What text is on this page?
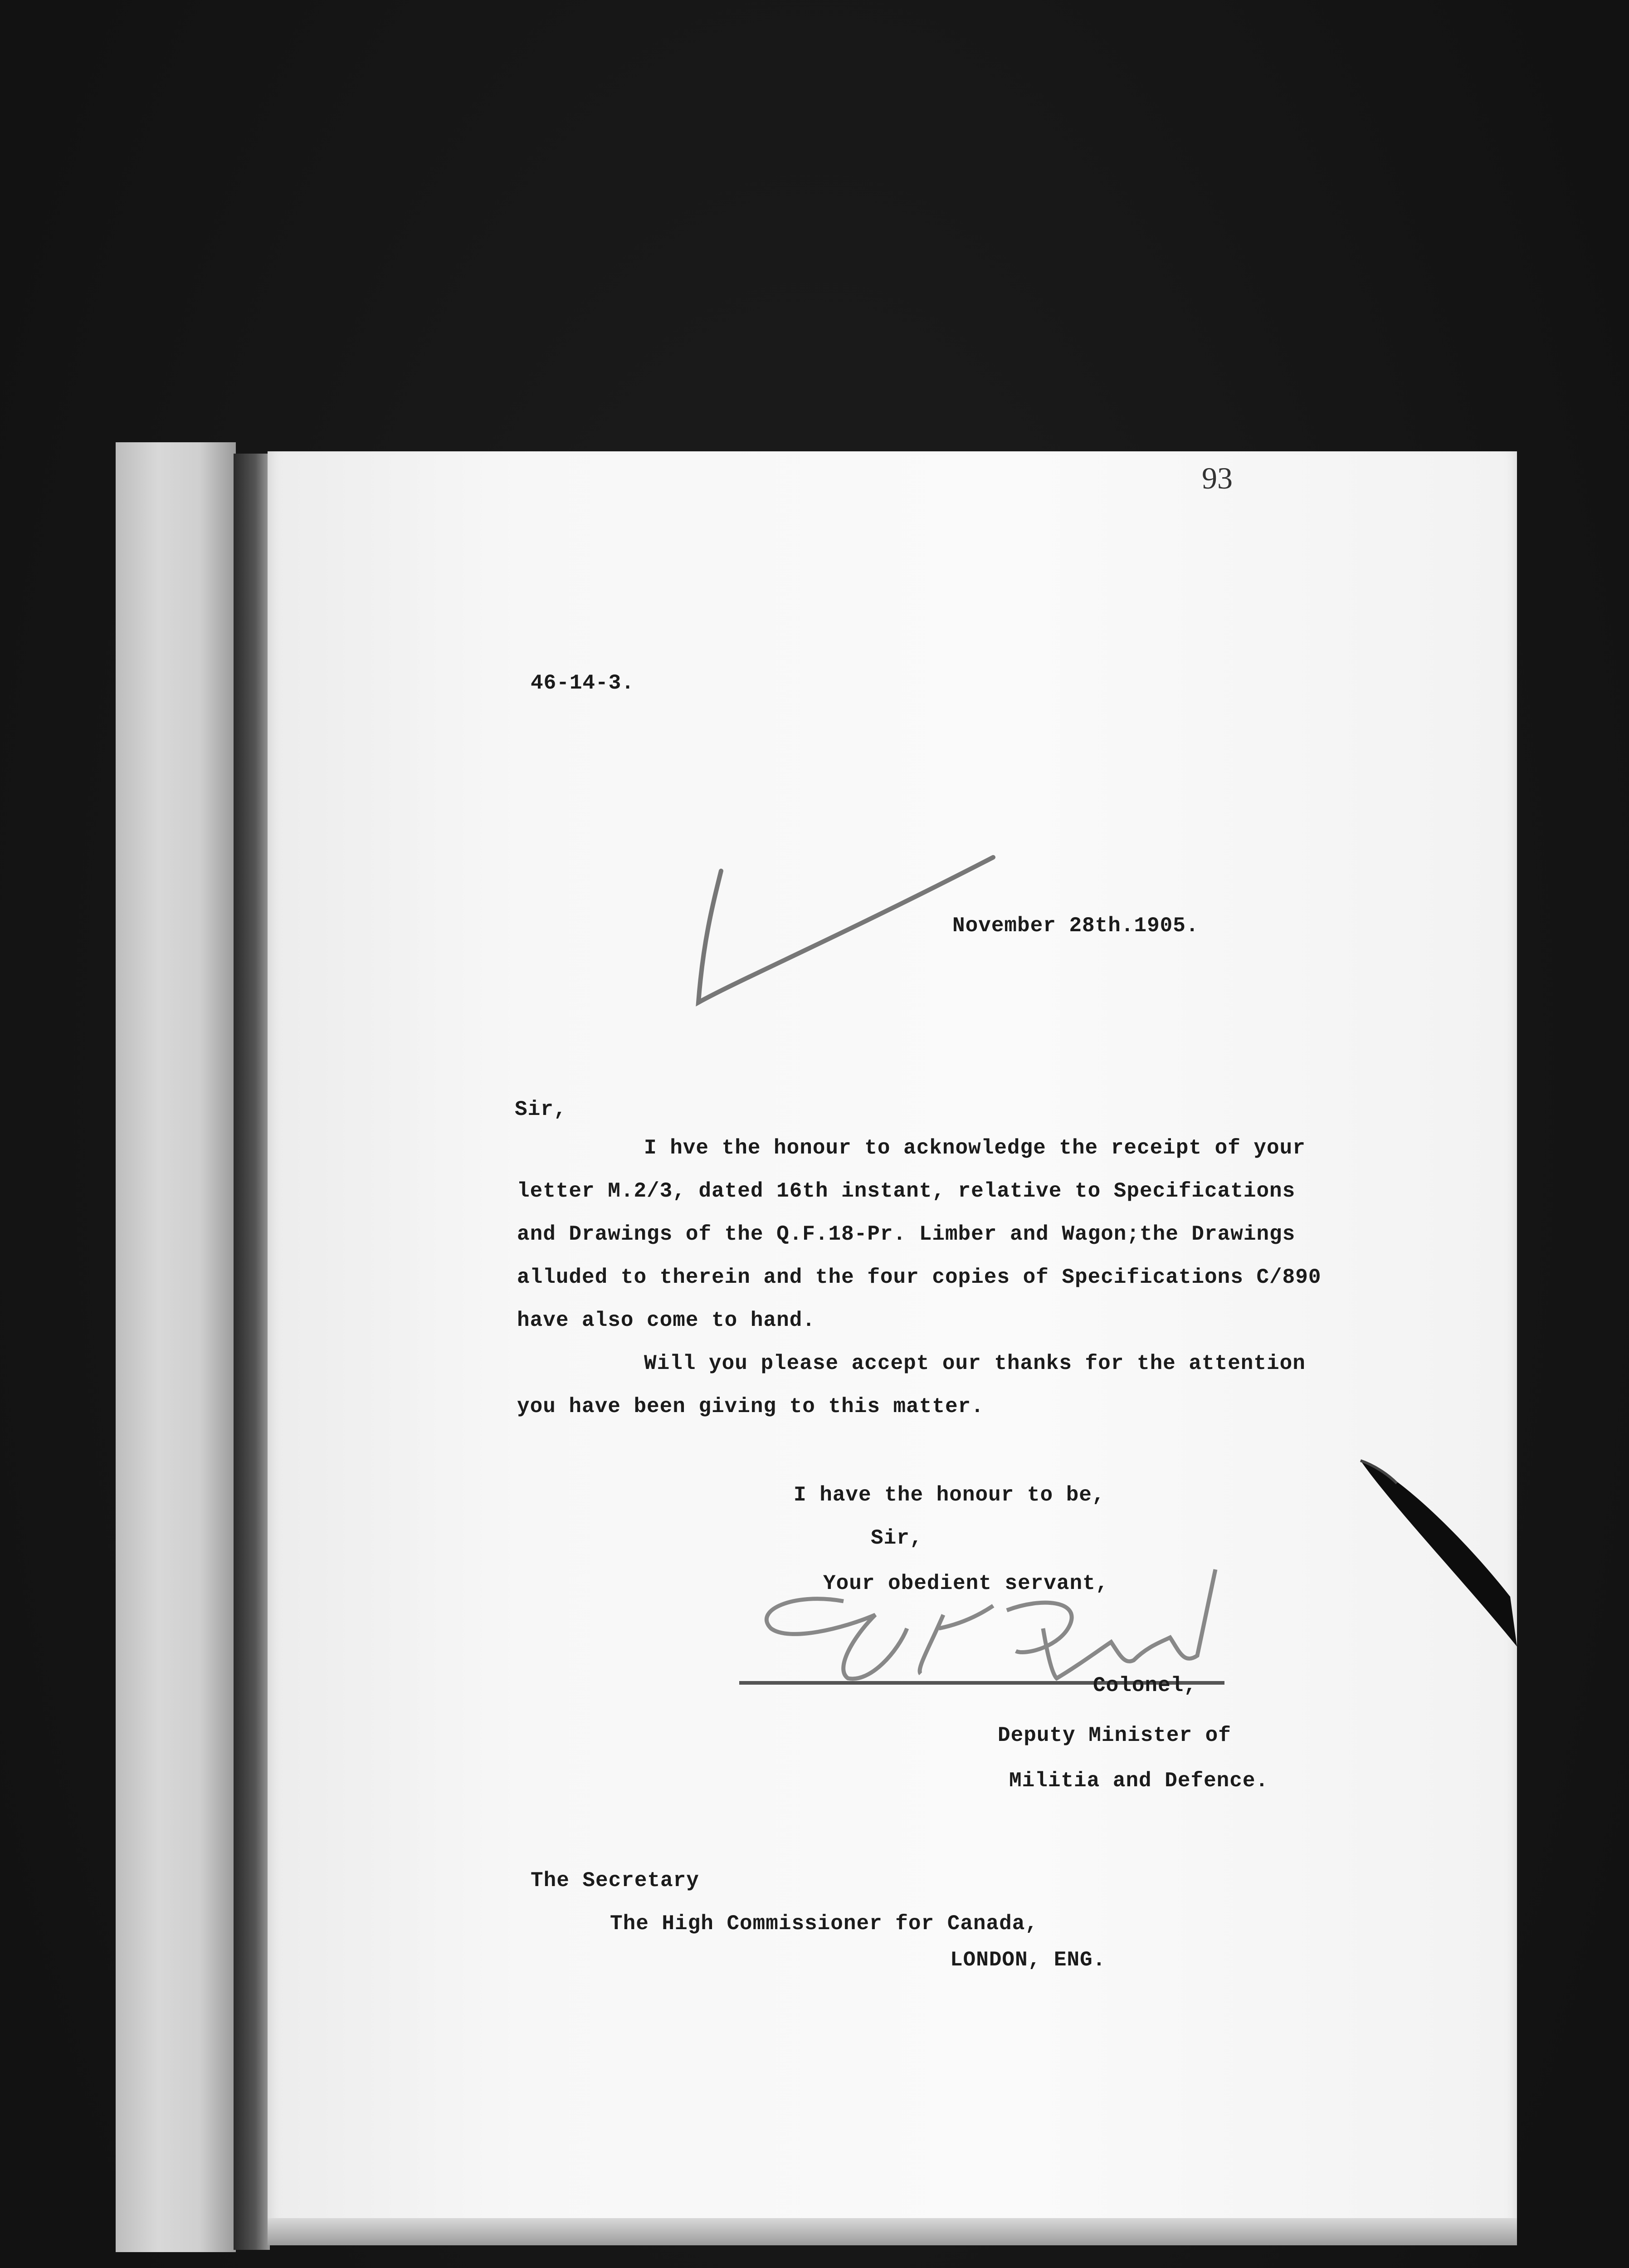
93
46-14-3.
November 28th.1905.
Sir,
I hve the honour to acknowledge the receipt of your
letter M.2/3, dated 16th instant, relative to Specifications
and Drawings of the Q.F.18-Pr. Limber and Wagon;the Drawings
alluded to therein and the four copies of Specifications C/890
have also come to hand.
Will you please accept our thanks for the attention
you have been giving to this matter.
I have the honour to be,
Sir,
Your obedient servant,
Colonel,
Deputy Minister of
Militia and Defence.
The Secretary
The High Commissioner for Canada,
LONDON, ENG.
